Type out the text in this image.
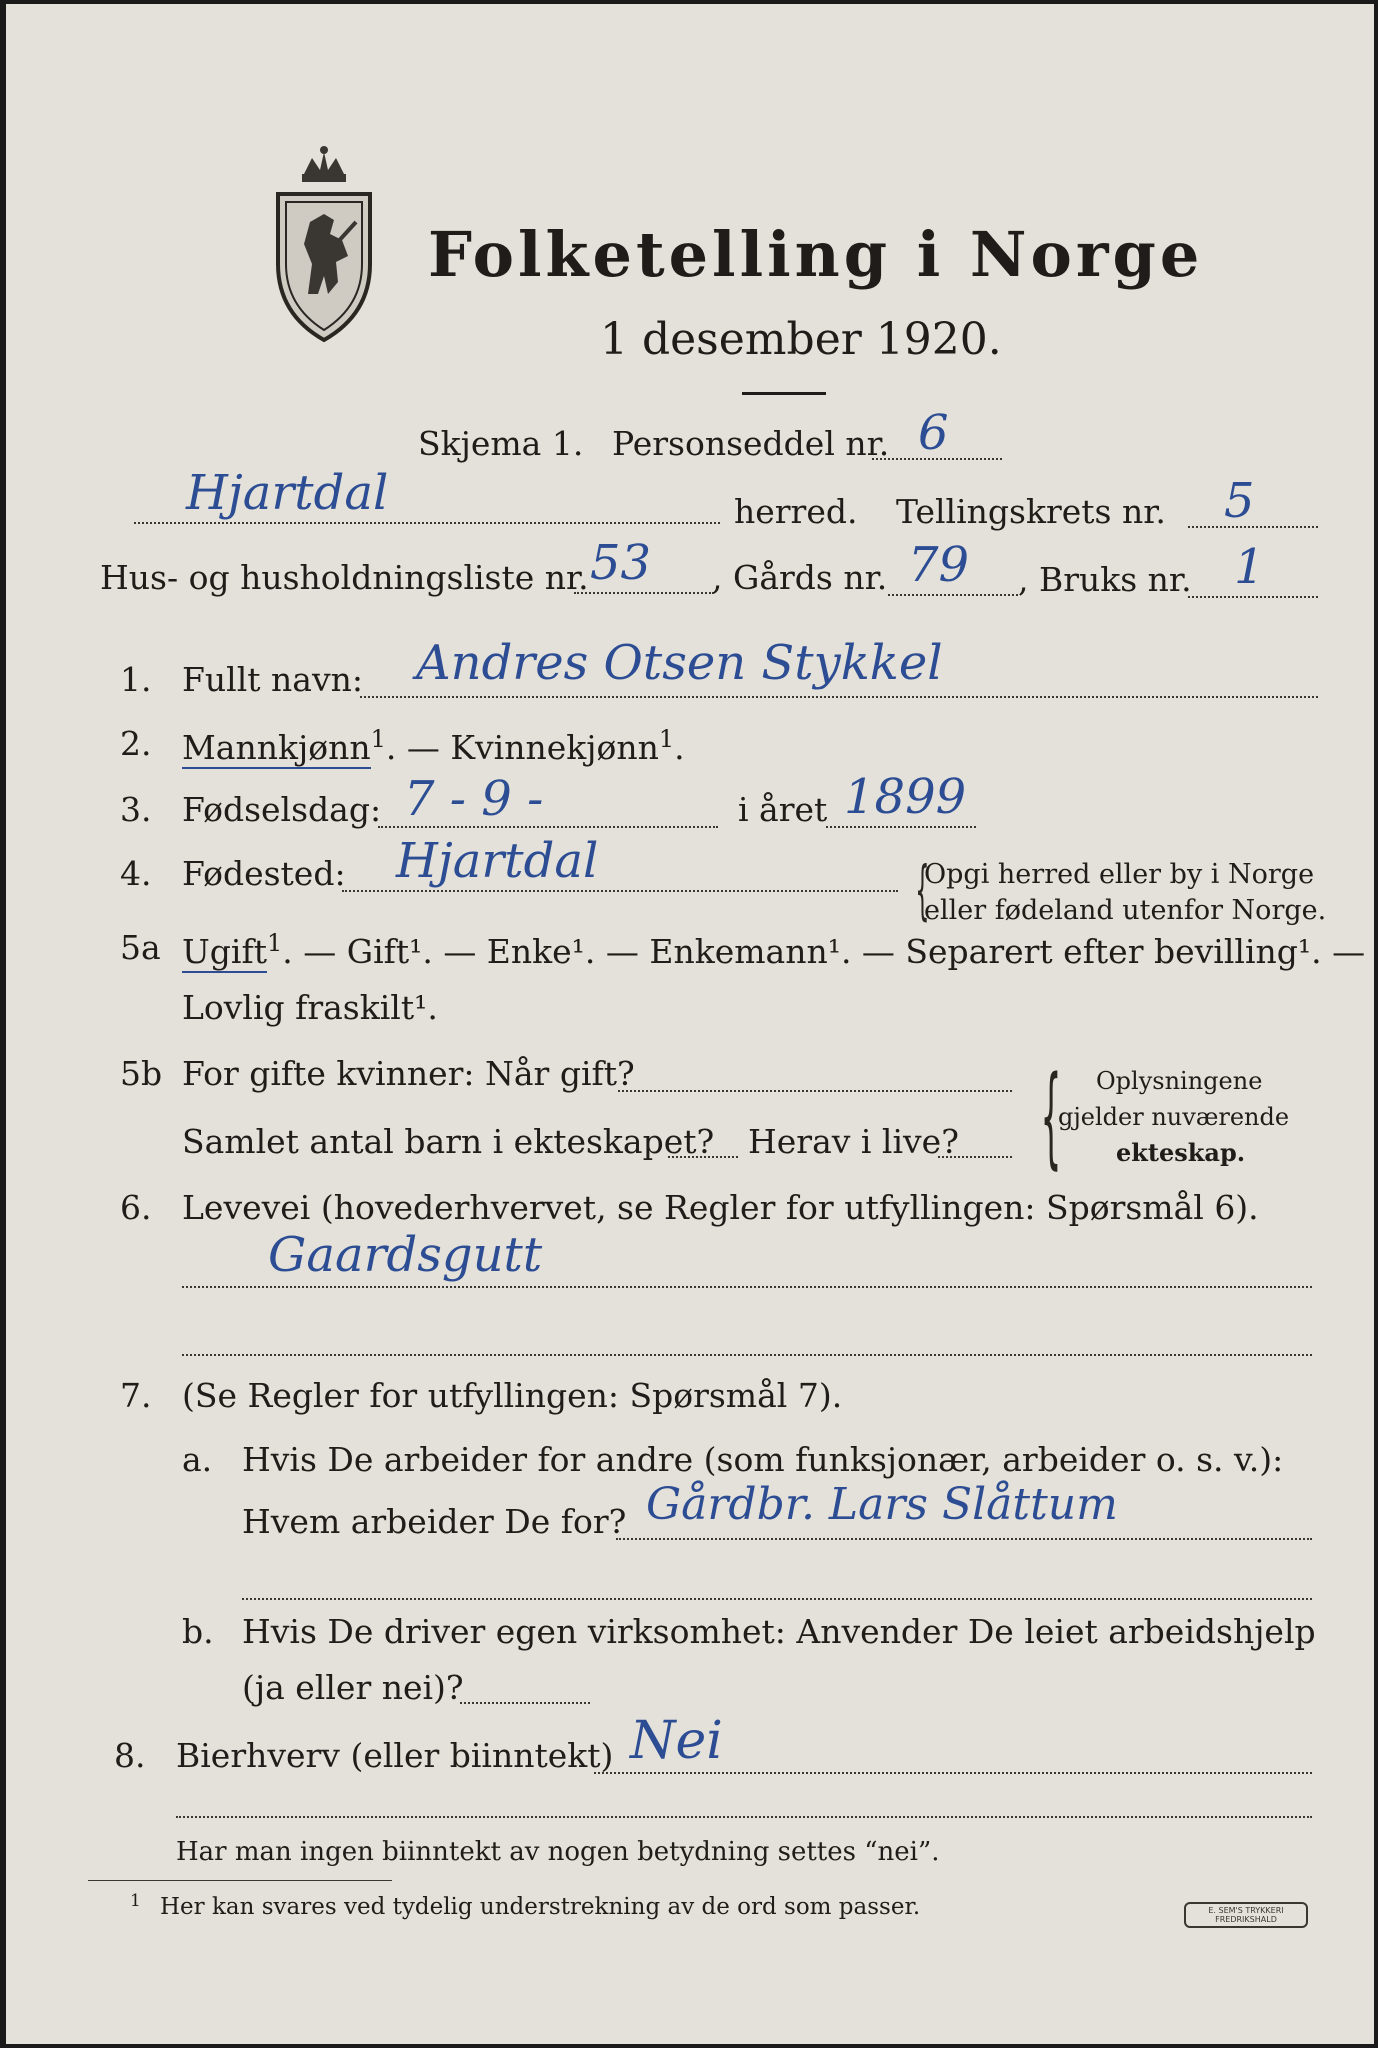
Folketelling i Norge
1 desember 1920.
Skjema 1. Personseddel nr. 6
Hjartdal	herred. Tellingskrets nr. 5
Hus- og husholdningsliste nr. 53 , Gårds nr. 79 , Bruks nr. 1
1. Fullt navn: Andres Otsen Stykkel
2. Mannkjønn$^1$. — Kvinnekjønn$^1$.
3. Fødselsdag: 7 - 9 -	i året 1899
4. Fødested: Hjartdal	{
Opgi herred eller by i Norge
eller fødeland utenfor Norge.
5a Ugift$^1$. — Gift¹. — Enke¹. — Enkemann¹. — Separert efter bevilling¹. —
Lovlig fraskilt¹.
5b For gifte kvinner: Når gift?
Samlet antal barn i ekteskapet? Herav i live? { Oplysningene
gjelder nuværende
ekteskap.
6. Levevei (hovederhvervet, se Regler for utfyllingen: Spørsmål 6).
Gaardsgutt
7. (Se Regler for utfyllingen: Spørsmål 7).
a. Hvis De arbeider for andre (som funksjonær, arbeider o. s. v.):
Hvem arbeider De for? Gårdbr. Lars Slåttum
b. Hvis De driver egen virksomhet: Anvender De leiet arbeidshjelp
(ja eller nei)?
8. Bierhverv (eller biinntekt) Nei
Har man ingen biinntekt av nogen betydning settes “nei”.
1 Her kan svares ved tydelig understrekning av de ord som passer.	E. SEM'S TRYKKERI
FREDRIKSHALD
